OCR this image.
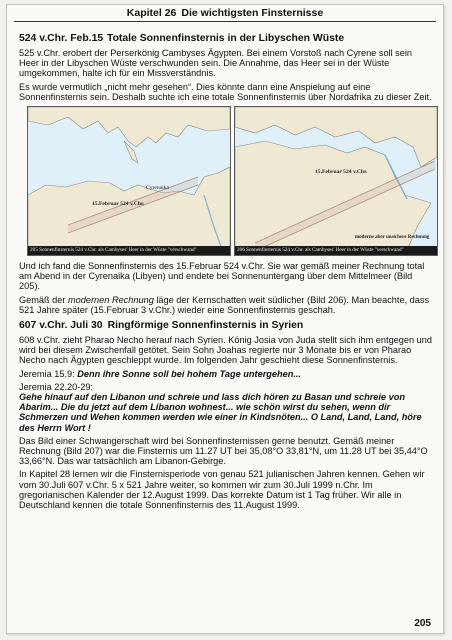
Kapitel 26 Die wichtigsten Finsternisse
524 v.Chr. Feb.15 Totale Sonnenfinsternis in der Libyschen Wüste

525 v.Chr. erobert der Perserkönig Cambyses Ägypten. Bei einem Vorstoß nach Cyrene soll sein Heer in der Libyschen Wüste verschwunden sein. Die Annahme, das Heer sei in der Wüste umgekommen, halte ich für ein Missverständnis.

Es wurde vermutlich „nicht mehr gesehen“. Dies könnte dann eine Anspielung auf eine Sonnenfinsternis sein. Deshalb suchte ich eine totale Sonnenfinsternis über Nordafrika zu dieser Zeit.

15.Februar 524 v.Chr.
Cyrenaika
205 Sonnenfinsternis 524 v.Chr. als Cambyses' Heer in der Wüste "verschwand"
15.Februar 524 v.Chr.
moderne aber unsichere Rechnung
206 Sonnenfinsternis 524 v.Chr. als Cambyses' Heer in der Wüste "verschwand"

Und ich fand die Sonnenfinsternis des 15.Februar 524 v.Chr. Sie war gemäß meiner Rechnung total am Abend in der Cyrenaika (Libyen) und endete bei Sonnenuntergang über dem Mittelmeer (Bild 205).

Gemäß der modernen Rechnung läge der Kernschatten weit südlicher (Bild 206). Man beachte, dass 521 Jahre später (15.Februar 3 v.Chr.) wieder eine Sonnenfinsternis geschah.

607 v.Chr. Juli 30 Ringförmige Sonnenfinsternis in Syrien

608 v.Chr. zieht Pharao Necho herauf nach Syrien. König Josia von Juda stellt sich ihm entgegen und wird bei diesem Zwischenfall getötet. Sein Sohn Joahas regierte nur 3 Monate bis er von Pharao Necho nach Ägypten geschleppt wurde. Im folgenden Jahr geschieht diese Sonnenfinsternis.

Jeremia 15.9: Denn ihre Sonne soll bei hohem Tage untergehen...
Jeremia 22.20-29:
Gehe hinauf auf den Libanon und schreie und lass dich hören zu Basan und schreie von Abarim... Die du jetzt auf dem Libanon wohnest... wie schön wirst du sehen, wenn dir Schmerzen und Wehen kommen werden wie einer in Kindsnöten... O Land, Land, Land, höre des Herrn Wort !

Das Bild einer Schwangerschaft wird bei Sonnenfinsternissen gerne benutzt. Gemäß meiner Rechnung (Bild 207) war die Finsternis um 11.27 UT bei 35,08°O 33,81°N, um 11.28 UT bei 35,44°O 33,66°N. Das war tatsächlich am Libanon-Gebirge.

In Kapitel 28 lernen wir die Finsternisperiode von genau 521 julianischen Jahren kennen. Gehen wir vom 30.Juli 607 v.Chr. 5 x 521 Jahre weiter, so kommen wir zum 30.Juli 1999 n.Chr. Im gregorianischen Kalender der 12.August 1999. Das korrekte Datum ist 1 Tag früher. Wir alle in Deutschland kennen die totale Sonnenfinsternis des 11.August 1999.

205
